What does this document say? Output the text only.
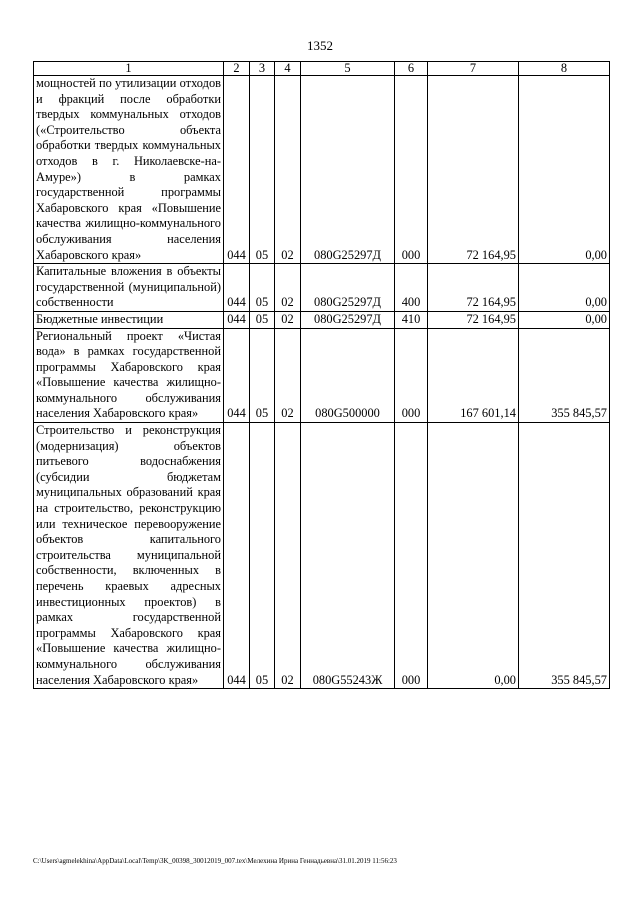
1352
1	2	3	4	5	6	7	8
мощностей по утилизации отходов и фракций после обработки твердых коммунальных отходов («Строительство объекта обработки твердых коммунальных отходов в г. Николаевске-на-Амуре») в рамках государственной программы Хабаровского края «Повышение качества жилищно-коммунального обслуживания населения Хабаровского края»	044	05	02	080G25297Д	000	72 164,95	0,00
Капитальные вложения в объекты государственной (муниципальной) собственности	044	05	02	080G25297Д	400	72 164,95	0,00
Бюджетные инвестиции	044	05	02	080G25297Д	410	72 164,95	0,00
Региональный проект «Чистая вода» в рамках государственной программы Хабаровского края «Повышение качества жилищно-коммунального обслуживания населения Хабаровского края»	044	05	02	080G500000	000	167 601,14	355 845,57
Строительство и реконструкция (модернизация) объектов питьевого водоснабжения (субсидии бюджетам муниципальных образований края на строительство, реконструкцию или техническое перевооружение объектов капитального строительства муниципальной собственности, включенных в перечень краевых адресных инвестиционных проектов) в рамках государственной программы Хабаровского края «Повышение качества жилищно-коммунального обслуживания населения Хабаровского края»	044	05	02	080G55243Ж	000	0,00	355 845,57
C:\Users\agmelekhina\AppData\Local\Temp\3K_00398_30012019_007.tex\Мелехина Ирина Геннадьевна\31.01.2019 11:56:23
